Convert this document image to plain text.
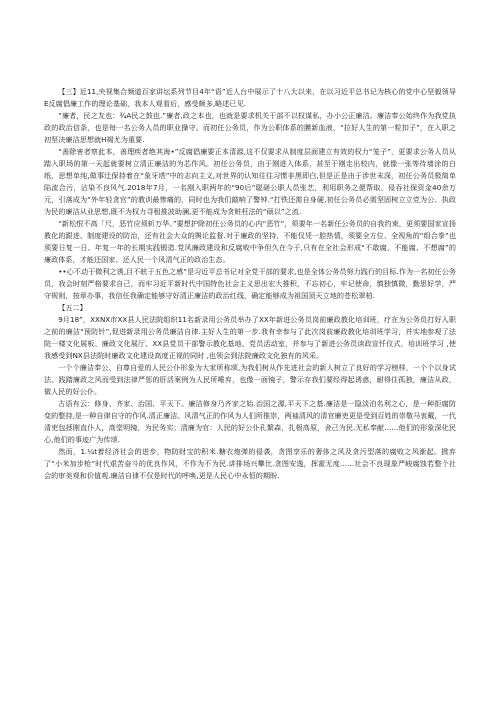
【三】近11,央视集合频道百家讲坛系列节目4年“语”近人台中展示了十八大以来，在以习近平总书记为核心的党中心坚毅领导E反腐倡廉工作的理论基础，我本人观看后，感受颇多,略述已见.

“廉者，民之友也：¾A民之鼓也.”廉者,政之本也，也就是要求机关干部不以权谋私，办小公正廉洁。廉洁奉公始终作为我党执政的政治信条，也是每一名公务人员的职业操守。而初任公务员，作为公职体系的膜新血液，“拉好人生的第一粒扣子”，在入职之初坚决廉洁思想就H褐尤为重要.

“善除害者察此本，善理疾者绝其海•”反腐倡廉要正本清源,这不仅要求从制度层面建立有效的权力“笼子”，更要求公务人员从踏入职场的第一天起就要树立清正廉洁的为芯作风。初任公务员，由于刚进入体系，甚至于刚走出校内，就像一张等待墙涂的白纸，思想单纯,做事迁保持着在“象牙塔”中的志向主义,对世界的认知往往习惯非黑即白,但是正是由于涉世未深，初任公务员极简单陷流合污，沾染不良风气.2018年7月，一名刚入职两年的“90后”聪磋公职人员张艺，利用职务之便帮取、侵吞社保资金40余万元，引落成为“外年轻贪官”的教训最惨痛的，同时也为我们敲响了警钟.“打铁还需自身硬,初任公务员必需坚固树立立党为公、执政为民的廉洁从业思想,既不为权力寻租推波助澜,更不能成为贪赃枉法的“硕以”之流.

“新松恨不高「尺，恶竹应须斩万华。”要想护除初任公务员的心内“恶竹”，须要年一名新任公务员的自我约束，更须要国家宣扬教化的跟进、制度建设的防治，还有社会大众的舆论监督.对于廉政的坚持，不能仅凭一腔热情，须要全方位、全视角的“组合拳”也须要日复一日、年复一年的长期实践锻造.党风廉政建设和反腐败中争但久在今于,只有在全社会形成“不敢腐、不能腐、不想腐”的廉政体系，才能还国家、还人民一个风清气正的政治生态。

••心不动于微利之诱,目不眩于五色之感”是习近平总书记对全党干部的要求,也是全体公务员努力践行的目标.作为一名初任公务员，我会时刻严格要求自己，而牢习近平新时代中国特色社会主义思出宏大推积，不忘初心，牢记使命，慎独慎微，勤思好学，严守规则，按章办事，我信任我确定能够守好清正廉洁的政治红线，确定能够成为祖国顶天立地的苍松翠柏.

【五二】

9月18”，XXNX市XX县人民法院组织11名新录用公务员举办了XX年新进公务员岗前廉政教化培训班，疗在为公务员打好入职之前的廉洁“预防针”,促进新录用公务员廉洁自律.主好人生的第一步.我有幸参与了此次岗前廉政教化培训班学习，并实地参观了法院一楼文化展板、廉政文化展厅、XX县党员干部警示教化基地、党员活动室，并参与了新进公务员读政宣忏仪式，培训班学习 ,使我感受到NX县法院时廉政文化建设高度正视的同时 ,也领会到法院廉政文化独有的风采。

一个个廉洁奉公、自尊自爱的人民公仆形象为大家所称颂,为我们树从作先进社会的新人树立了良好的学习榜样，一个个以身试法、践踏廉政之风而受到法律严惩的肝活案例为人民所唾弃，也像一面镜子，警示存我们要经得起诱惑，耐得住孤独，廉洁从政，做人民的好公仆。

古语有云：修身、齐家、治国、平天下。廉洁修身乃齐家之始.治国之源,平天下之基.廉洁是一隐淡泊名利之心，是一种拒腐防变的整持,是一种自律自守的作风.清正廉洁、风清气正的作风为人们所推崇，两袖清风的清官廉吏更是受到百姓的崇敬马衷戴，一代清吏包拯刚直仆人，高堂明镜，为民务实；清廉为官：人民的好公仆孔繁森，扎根高原，舍己为民.无私奉献……他们的形象深化民心,他们的事迹广为传颂.

然而，1.¼t着经济社会的进步，物防财宝的积米.糖衣炮弹的侵袭，贪图享乐的奢侈之风及贪污型落的腐败之风渐起。掀弃了“小米加步枪”时代艰苦奋斗的优良作风，不作为不为民.讲排场兴攀比.贪图安逸，挥霍无度……社会不良现象严峻腐蚀若整个社会的审美观和价值观.廉洁自律不仅是时代的呼唤,更是人民心中永恒的期盼.
